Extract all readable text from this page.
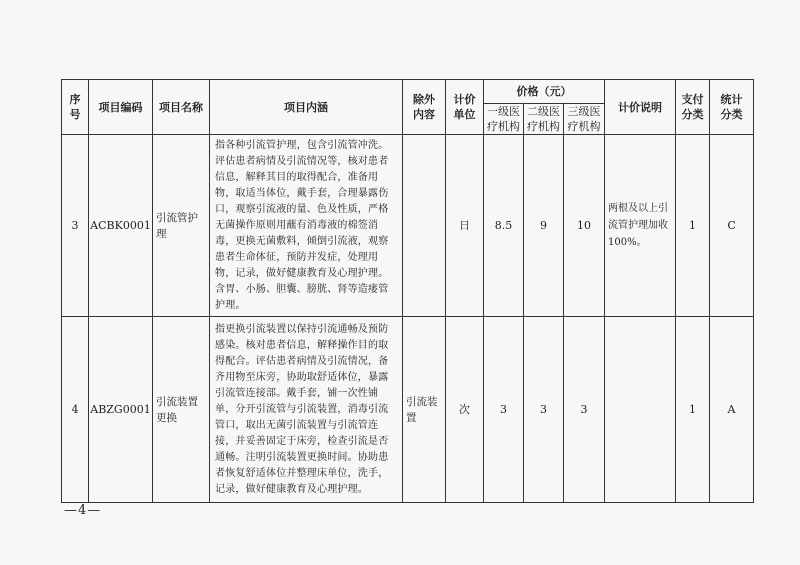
序号	项目编码	项目名称	项目内涵	除外内容	计价单位	价格（元）			计价说明	支付分类	统计分类
						一级医疗机构	二级医疗机构	三级医疗机构			
3	ACBK0001	引流管护理	指各种引流管护理，包含引流管冲洗。评估患者病情及引流情况等，核对患者信息，解释其目的取得配合，准备用物，取适当体位，戴手套，合理暴露伤口，观察引流液的量、色及性质，严格无菌操作原则用蘸有消毒液的棉签消毒，更换无菌敷料，倾倒引流液，观察患者生命体征，预防并发症，处理用物，记录，做好健康教育及心理护理。含胃、小肠、胆囊、膀胱、肾等造瘘管护理。		日	8.5	9	10	两根及以上引流管护理加收100%。	1	C
4	ABZG0001	引流装置更换	指更换引流装置以保持引流通畅及预防感染。核对患者信息，解释操作目的取得配合。评估患者病情及引流情况，备齐用物至床旁，协助取舒适体位，暴露引流管连接部。戴手套，铺一次性铺单，分开引流管与引流装置，消毒引流管口，取出无菌引流装置与引流管连接，并妥善固定于床旁，检查引流是否通畅。注明引流装置更换时间。协助患者恢复舒适体位并整理床单位，洗手，记录，做好健康教育及心理护理。	引流装置	次	3	3	3		1	A
—4—
